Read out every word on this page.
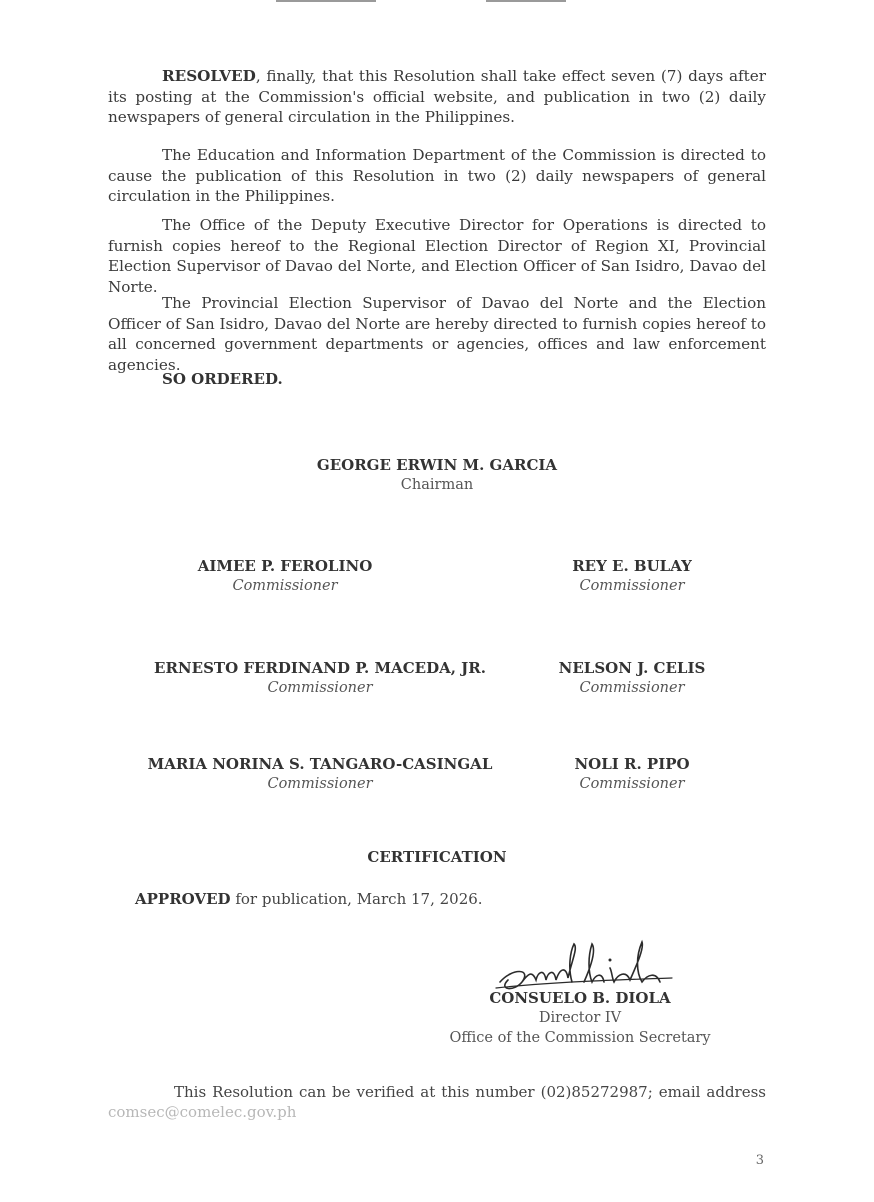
RESOLVED, finally, that this Resolution shall take effect seven (7) days after its posting at the Commission's official website, and publication in two (2) daily newspapers of general circulation in the Philippines.

The Education and Information Department of the Commission is directed to cause the publication of this Resolution in two (2) daily newspapers of general circulation in the Philippines.

The Office of the Deputy Executive Director for Operations is directed to furnish copies hereof to the Regional Election Director of Region XI, Provincial Election Supervisor of Davao del Norte, and Election Officer of San Isidro, Davao del Norte.

The Provincial Election Supervisor of Davao del Norte and the Election Officer of San Isidro, Davao del Norte are hereby directed to furnish copies hereof to all concerned government departments or agencies, offices and law enforcement agencies.

SO ORDERED.
GEORGE ERWIN M. GARCIA
Chairman
AIMEE P. FEROLINO
Commissioner
REY E. BULAY
Commissioner
ERNESTO FERDINAND P. MACEDA, JR.
Commissioner
NELSON J. CELIS
Commissioner
MARIA NORINA S. TANGARO-CASINGAL
Commissioner
NOLI R. PIPO
Commissioner
CERTIFICATION
APPROVED for publication, March 17, 2026.
CONSUELO B. DIOLA
Director IV
Office of the Commission Secretary

This Resolution can be verified at this number (02)85272987; email address comsec@comelec.gov.ph

3
